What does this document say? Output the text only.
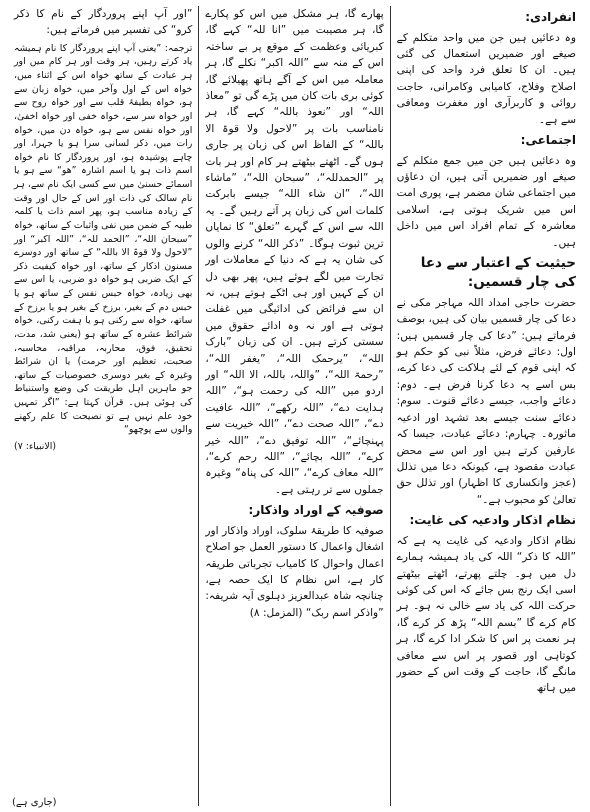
انفرادی:

وہ دعائیں ہیں جن میں واحد متکلم کے صیغے اور ضمیریں استعمال کی گئی ہیں۔ ان کا تعلق فرد واحد کی اپنی اصلاح وفلاح، کامیابی وکامرانی، حاجت روائی و کاربرآری اور مغفرت ومعافی سے ہے۔

اجتماعی:

وہ دعائیں ہیں جن میں جمع متکلم کے صیغے اور ضمیریں آتی ہیں، ان دعاؤں میں اجتماعی شان مضمر ہے، پوری امت اس میں شریک ہوتی ہے، اسلامی معاشرہ کے تمام افراد اس میں داخل ہیں۔

حیثیت کے اعتبار سے دعا کی چار قسمیں:

حضرت حاجی امداد اللہ مہاجر مکی نے دعا کی چار قسمیں بیان کی ہیں، بوصف فرماتے ہیں: ”دعا کی چار قسمیں ہیں: اول: دعائے فرض، مثلاً نبی کو حکم ہو کہ اپنی قوم کے لئے ہلاکت کی دعا کرے، بس اسے یہ دعا کرنا فرض ہے۔ دوم: دعائے واجب، جیسے دعائے قنوت۔ سوم: دعائے سنت جیسے بعد تشہد اور ادعیہ ماثورہ۔ چہارم: دعائے عبادت، جیسا کہ عارفین کرتے ہیں اور اس سے محض عبادت مقصود ہے، کیونکہ دعا میں تذلل (عجز وانکساری کا اظہار) اور تذلل حق تعالیٰ کو محبوب ہے۔“

نظام اذکار وادعیہ کی غایت:

نظام اذکار وادعیہ کی غایت یہ ہے کہ ”اللہ کا ذکر“ اللہ کی یاد ہمیشہ ہمارے دل میں ہو۔ چلتے پھرتے، اٹھتے بیٹھتے اسی ایک رنج بس جائے کہ اس کی کوئی حرکت اللہ کی یاد سے خالی نہ ہو۔ ہر کام کرے گا ”بسم اللہ“ پڑھ کر کرے گا، ہر نعمت پر اس کا شکر ادا کرے گا، ہر کوتاہی اور قصور پر اس سے معافی مانگے گا، حاجت کے وقت اس کے حضور میں ہاتھ

پھارے گا، ہر مشکل میں اس کو پکارے گا، ہر مصیبت میں ”انا للہ“ کہے گا، کبریائی وعظمت کے موقع پر بے ساختہ اس کے منہ سے ”اللہ اکبر“ نکلے گا، ہر معاملہ میں اس کے آگے ہاتھ پھیلائے گا، کوئی بری بات کان میں پڑے گی تو ”معاذ اللہ“ اور ”نعوذ باللہ“ کہے گا، ہر نامناسب بات پر ”لاحول ولا قوۃ الا باللہ“ کے الفاظ اس کی زبان پر جاری ہوں گے۔ اٹھتے بیٹھتے ہر کام اور ہر بات پر ”الحمدللہ“، ”سبحان اللہ“، ”ماشاء اللہ“، ”ان شاء اللہ“ جیسے بابرکت کلمات اس کی زبان پر آتے رہیں گے۔ یہ اللہ سے اس کے گہرے ”تعلق“ کا نمایاں ترین ثبوت ہوگا۔ ”ذکر اللہ“ کرنے والوں کی شان یہ ہے کہ دنیا کے معاملات اور تجارت میں لگے ہوئے ہیں، پھر بھی دل ان کے کہیں اور ہی اٹکے ہوتے ہیں، نہ ان سے فرائض کی ادائیگی میں غفلت ہوتی ہے اور نہ وہ ادائے حقوق میں سستی کرتے ہیں۔ ان کی زبان ”بارک اللہ“، ”یرحمک اللہ“، ”یغفر اللہ“، ”رحمۃ اللہ“، ”واللہ، باللہ، الا اللہ“ اور اردو میں ”اللہ کی رحمت ہو“، ”اللہ ہدایت دے“، ”اللہ رکھے“، ”اللہ عافیت دے“، ”اللہ صحت دے“، ”اللہ خیریت سے پہنچائے“، ”اللہ توفیق دے“، ”اللہ خیر کرے“، ”اللہ بچائے“، ”اللہ رحم کرے“، ”اللہ معاف کرے“، ”اللہ کی پناہ“ وغیرہ جملوں سے تر رہتی ہے۔

صوفیہ کے اوراد واذکار:

صوفیہ کا طریقۂ سلوک، اوراد واذکار اور اشغال واعمال کا دستور العمل جو اصلاح اعمال واحوال کا کامیاب تجرباتی طریقہ کار ہے، اس نظام کا ایک حصہ ہے، چنانچہ شاہ عبدالعزیز دہلوی آیہ شریفہ: ”واذکر اسم ربک“ (المزمل: ۸)

”اور آپ اپنے پروردگار کے نام کا ذکر کرو“ کی تفسیر میں فرماتے ہیں:

ترجمہ: ”یعنی آپ اپنے پروردگار کا نام ہمیشہ یاد کرتے رہیں، ہر وقت اور ہر کام میں اور ہر عبادت کے ساتھ خواہ اس کے اثناء میں، خواہ اس کے اول وآخر میں، خواہ زبان سے ہو، خواہ بطیفۂ قلب سے اور خواہ روح سے اور خواہ سر سے، خواہ خفی اور خواہ اخفیٰ، اور خواہ نفس سے ہو، خواہ دن میں، خواہ رات میں، ذکر لسانی سرا ہو یا جہرا، اور چاہے پوشیدہ ہو، اور پروردگار کا نام خواہ اسم ذات ہو یا اسم اشارہ ”ھو“ سے ہو یا اسمائے حسنیٰ میں سے کسی ایک نام سے، ہر نام سالک کی ذات اور اس کے حال اور وقت کے زیادہ مناسب ہو، پھر اسم ذات یا کلمہ طیبہ کے ضمن میں نفی واثبات کے ساتھ، خواہ ”سبحان اللہ“، ”الحمد للہ“، ”اللہ اکبر“ اور ”لاحول ولا قوۃ الا باللہ“ کے ساتھ اور دوسرے مسنون اذکار کے ساتھ، اور خواہ کیفیت ذکر کے ایک ضربی ہو خواہ دو ضربی، یا اس سے بھی زیادہ، خواہ حبس نفس کے ساتھ ہو یا حبس دم کے بغیر، برزخ کے بغیر ہو یا برزخ کے ساتھ، خواہ سے رکنی ہو یا ہفت رکنی، خواہ شرائط عشرہ کے ساتھ ہو (یعنی شد، مدت، تحقیق، فوق، محاربہ، مراقبہ، محاسبہ، صحبت، تعظیم اور حرمت) یا ان شرائط وغیرہ کے بغیر دوسری خصوصیات کے ساتھ، جو ماہرین اہل طریقت کی وضع واستنباط کی ہوئی ہیں۔ قرآن کہتا ہے: ”اگر تمہیں خود علم نہیں ہے تو نصیحت کا علم رکھنے والوں سے پوچھو“

(الانبیاء: ۷)
(جاری ہے)
